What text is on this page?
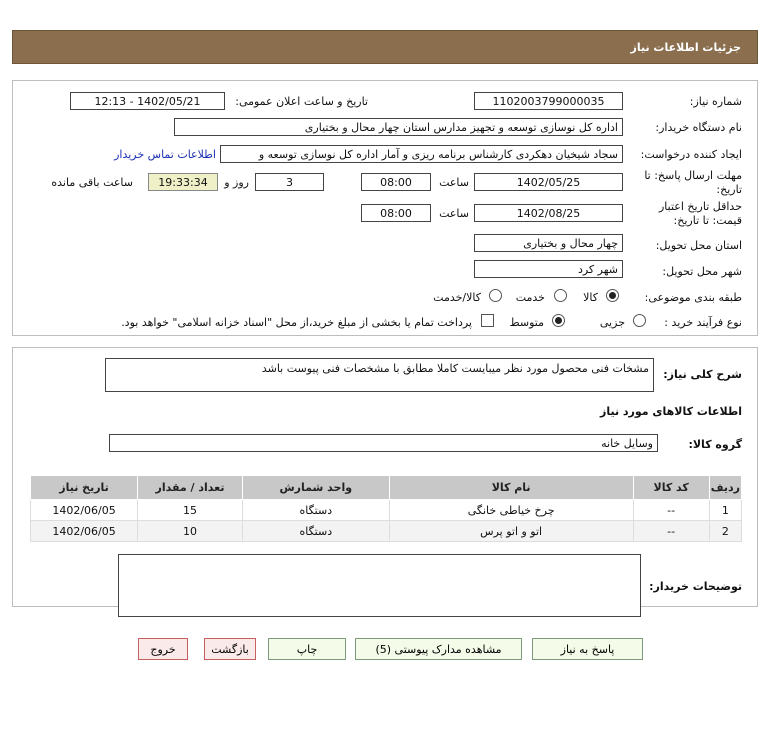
جزئیات اطلاعات نیاز
شماره نیاز:
1102003799000035
تاریخ و ساعت اعلان عمومی:
1402/05/21 - 12:13
نام دستگاه خریدار:
اداره کل نوسازی توسعه و تجهیز مدارس استان چهار محال و بختیاری
ایجاد کننده درخواست:
سجاد شیخیان دهکردی کارشناس برنامه ریزی و آمار اداره کل نوسازی توسعه و
اطلاعات تماس خریدار
مهلت ارسال پاسخ: تا
تاریخ:
1402/05/25
ساعت
08:00
3
روز و
19:33:34
ساعت باقی مانده
حداقل تاریخ اعتبار
قیمت: تا تاریخ:
1402/08/25
ساعت
08:00
استان محل تحویل:
چهار محال و بختیاری
شهر محل تحویل:
شهر کرد
طبقه بندی موضوعی:
کالا
خدمت
کالا/خدمت
نوع فرآیند خرید :
جزیی
متوسط
پرداخت تمام یا بخشی از مبلغ خرید،از محل "اسناد خزانه اسلامی" خواهد بود.
شرح کلی نیاز:
مشخات فنی محصول مورد نظر میبایست کاملا مطابق با مشخصات فنی پیوست باشد
اطلاعات کالاهای مورد نیاز
گروه کالا:
وسایل خانه
ردیف	کد کالا	نام کالا	واحد شمارش	تعداد / مقدار	تاریخ نیاز
1	--	چرخ خیاطی خانگی	دستگاه	15	1402/06/05
2	--	اتو و اتو پرس	دستگاه	10	1402/06/05
توضیحات خریدار:
پاسخ به نیاز
مشاهده مدارک پیوستی (5)
چاپ
بازگشت
خروج
